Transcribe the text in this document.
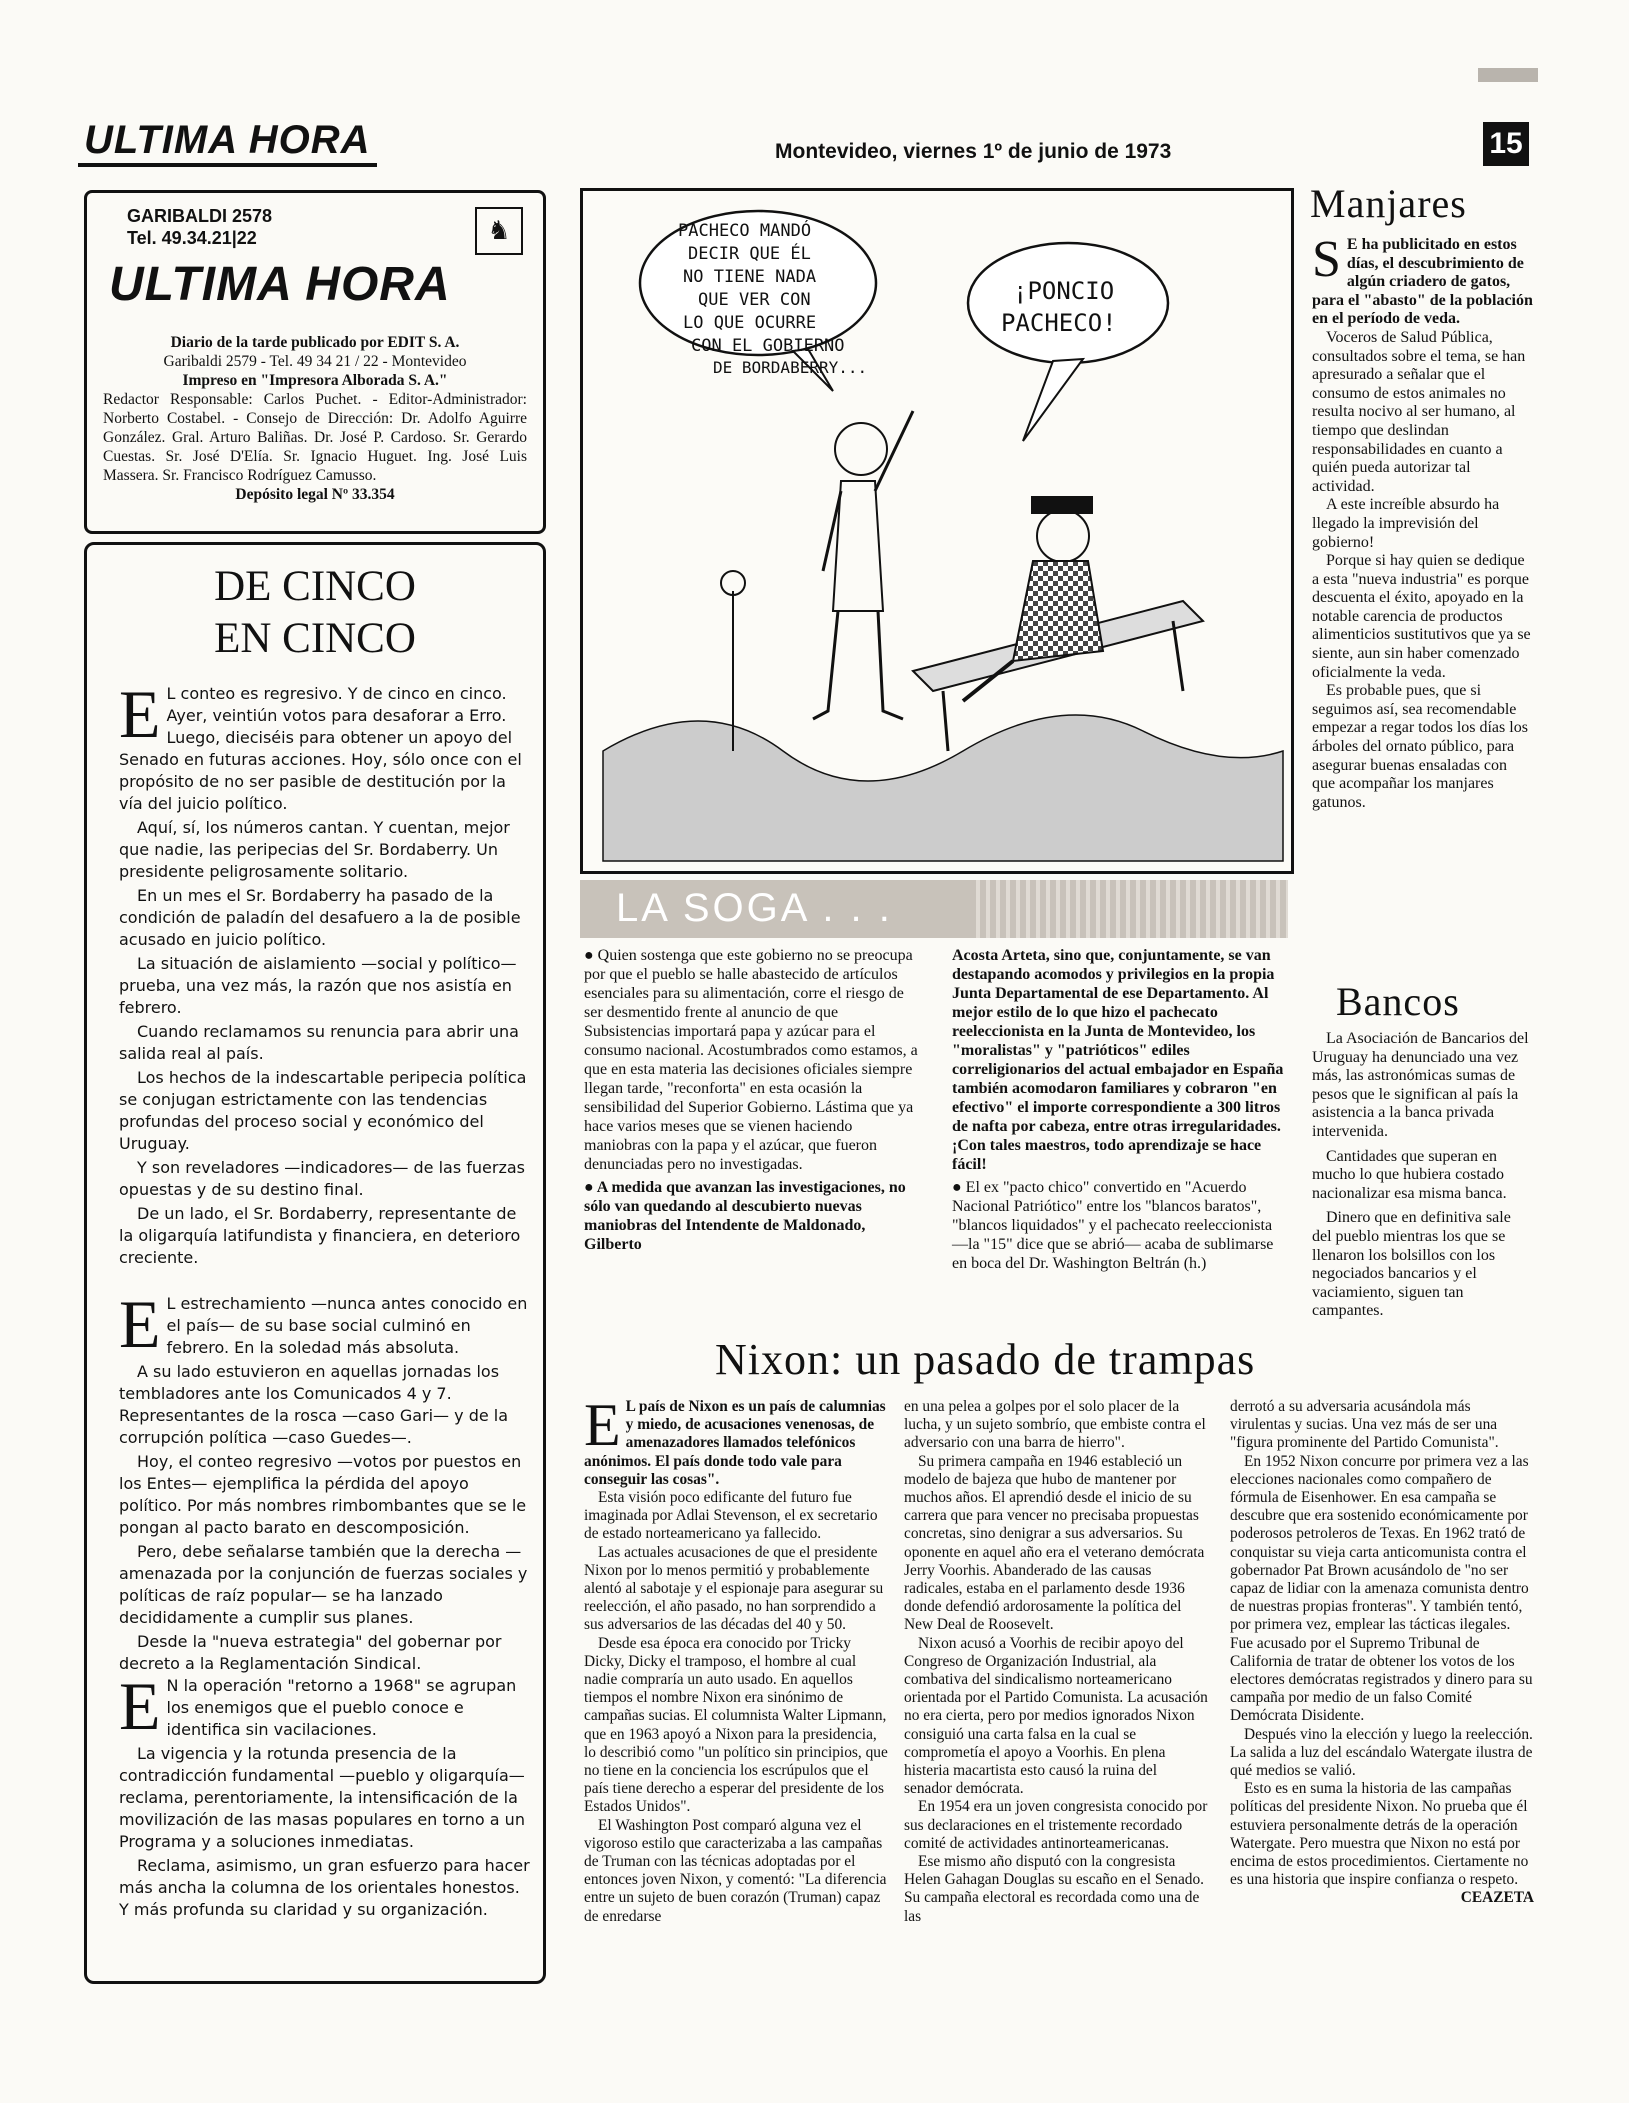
ULTIMA HORA	Montevideo, viernes 1º de junio de 1973	15
GARIBALDI 2578
Tel. 49.34.21|22	♞
ULTIMA HORA

Diario de la tarde publicado por EDIT S. A.

Garibaldi 2579 - Tel. 49 34 21 / 22 - Montevideo

Impreso en "Impresora Alborada S. A."

Redactor Responsable: Carlos Puchet. - Editor-Administrador: Norberto Costabel. - Consejo de Dirección: Dr. Adolfo Aguirre González. Gral. Arturo Baliñas. Dr. José P. Cardoso. Sr. Gerardo Cuestas. Sr. José D'Elía. Sr. Ignacio Huguet. Ing. José Luis Massera. Sr. Francisco Rodríguez Camusso.

Depósito legal Nº 33.354

DE CINCO
EN CINCO
E L conteo es regresivo. Y de cinco en cinco. Ayer, veintiún votos para desaforar a Erro. Luego, dieciséis para obtener un apoyo del Senado en futuras acciones. Hoy, sólo once con el propósito de no ser pasible de destitución por la vía del juicio político.

Aquí, sí, los números cantan. Y cuentan, mejor que nadie, las peripecias del Sr. Bordaberry. Un presidente peligrosamente solitario.

En un mes el Sr. Bordaberry ha pasado de la condición de paladín del desafuero a la de posible acusado en juicio político.

La situación de aislamiento —social y político— prueba, una vez más, la razón que nos asistía en febrero.

Cuando reclamamos su renuncia para abrir una salida real al país.

Los hechos de la indescartable peripecia política se conjugan estrictamente con las tendencias profundas del proceso social y económico del Uruguay.

Y son reveladores —indicadores— de las fuerzas opuestas y de su destino final.

De un lado, el Sr. Bordaberry, representante de la oligarquía latifundista y financiera, en deterioro creciente.

E L estrechamiento —nunca antes conocido en el país— de su base social culminó en febrero. En la soledad más absoluta.

A su lado estuvieron en aquellas jornadas los tembladores ante los Comunicados 4 y 7. Representantes de la rosca —caso Gari— y de la corrupción política —caso Guedes—.

Hoy, el conteo regresivo —votos por puestos en los Entes— ejemplifica la pérdida del apoyo político. Por más nombres rimbombantes que se le pongan al pacto barato en descomposición.

Pero, debe señalarse también que la derecha —amenazada por la conjunción de fuerzas sociales y políticas de raíz popular— se ha lanzado decididamente a cumplir sus planes.

Desde la "nueva estrategia" del gobernar por decreto a la Reglamentación Sindical.

E N la operación "retorno a 1968" se agrupan los enemigos que el pueblo conoce e identifica sin vacilaciones.

La vigencia y la rotunda presencia de la contradicción fundamental —pueblo y oligarquía— reclama, perentoriamente, la intensificación de la movilización de las masas populares en torno a un Programa y a soluciones inmediatas.

Reclama, asimismo, un gran esfuerzo para hacer más ancha la columna de los orientales honestos. Y más profunda su claridad y su organización.

PACHECO MANDÓ DECIR QUE ÉL NO TIENE NADA QUE VER CON LO QUE OCURRE CON EL GOBIERNO
DE BORDABERRY...
¡PONCIO PACHECO!
LA SOGA . . .

● Quien sostenga que este gobierno no se preocupa por que el pueblo se halle abastecido de artículos esenciales para su alimentación, corre el riesgo de ser desmentido frente al anuncio de que Subsistencias importará papa y azúcar para el consumo nacional. Acostumbrados como estamos, a que en esta materia las decisiones oficiales siempre llegan tarde, "reconforta" en esta ocasión la sensibilidad del Superior Gobierno. Lástima que ya hace varios meses que se vienen haciendo maniobras con la papa y el azúcar, que fueron denunciadas pero no investigadas.

● A medida que avanzan las investigaciones, no sólo van quedando al descubierto nuevas maniobras del Intendente de Maldonado, Gilberto

Acosta Arteta, sino que, conjuntamente, se van destapando acomodos y privilegios en la propia Junta Departamental de ese Departamento. Al mejor estilo de lo que hizo el pachecato reeleccionista en la Junta de Montevideo, los "moralistas" y "patrióticos" ediles correligionarios del actual embajador en España también acomodaron familiares y cobraron "en efectivo" el importe correspondiente a 300 litros de nafta por cabeza, entre otras irregularidades. ¡Con tales maestros, todo aprendizaje se hace fácil!

● El ex "pacto chico" convertido en "Acuerdo Nacional Patriótico" entre los "blancos baratos", "blancos liquidados" y el pachecato reeleccionista —la "15" dice que se abrió— acaba de sublimarse en boca del Dr. Washington Beltrán (h.)

Manjares
S E ha publicitado en estos días, el descubrimiento de algún criadero de gatos, para el "abasto" de la población en el período de veda.

Voceros de Salud Pública, consultados sobre el tema, se han apresurado a señalar que el consumo de estos animales no resulta nocivo al ser humano, al tiempo que deslindan responsabilidades en cuanto a quién pueda autorizar tal actividad.

A este increíble absurdo ha llegado la imprevisión del gobierno!

Porque si hay quien se dedique a esta "nueva industria" es porque descuenta el éxito, apoyado en la notable carencia de productos alimenticios sustitutivos que ya se siente, aun sin haber comenzado oficialmente la veda.

Es probable pues, que si seguimos así, sea recomendable empezar a regar todos los días los árboles del ornato público, para asegurar buenas ensaladas con que acompañar los manjares gatunos.

Bancos

La Asociación de Bancarios del Uruguay ha denunciado una vez más, las astronómicas sumas de pesos que le significan al país la asistencia a la banca privada intervenida.

Cantidades que superan en mucho lo que hubiera costado nacionalizar esa misma banca.

Dinero que en definitiva sale del pueblo mientras los que se llenaron los bolsillos con los negociados bancarios y el vaciamiento, siguen tan campantes.

Nixon: un pasado de trampas
E L país de Nixon es un país de calumnias y miedo, de acusaciones venenosas, de amenazadores llamados telefónicos anónimos. El país donde todo vale para conseguir las cosas".

Esta visión poco edificante del futuro fue imaginada por Adlai Stevenson, el ex secretario de estado norteamericano ya fallecido.

Las actuales acusaciones de que el presidente Nixon por lo menos permitió y probablemente alentó al sabotaje y el espionaje para asegurar su reelección, el año pasado, no han sorprendido a sus adversarios de las décadas del 40 y 50.

Desde esa época era conocido por Tricky Dicky, Dicky el tramposo, el hombre al cual nadie compraría un auto usado. En aquellos tiempos el nombre Nixon era sinónimo de campañas sucias. El columnista Walter Lipmann, que en 1963 apoyó a Nixon para la presidencia, lo describió como "un político sin principios, que no tiene en la conciencia los escrúpulos que el país tiene derecho a esperar del presidente de los Estados Unidos".

El Washington Post comparó alguna vez el vigoroso estilo que caracterizaba a las campañas de Truman con las técnicas adoptadas por el entonces joven Nixon, y comentó: "La diferencia entre un sujeto de buen corazón (Truman) capaz de enredarse

en una pelea a golpes por el solo placer de la lucha, y un sujeto sombrío, que embiste contra el adversario con una barra de hierro".

Su primera campaña en 1946 estableció un modelo de bajeza que hubo de mantener por muchos años. El aprendió desde el inicio de su carrera que para vencer no precisaba propuestas concretas, sino denigrar a sus adversarios. Su oponente en aquel año era el veterano demócrata Jerry Voorhis. Abanderado de las causas radicales, estaba en el parlamento desde 1936 donde defendió ardorosamente la política del New Deal de Roosevelt.

Nixon acusó a Voorhis de recibir apoyo del Congreso de Organización Industrial, ala combativa del sindicalismo norteamericano orientada por el Partido Comunista. La acusación no era cierta, pero por medios ignorados Nixon consiguió una carta falsa en la cual se comprometía el apoyo a Voorhis. En plena histeria macartista esto causó la ruina del senador demócrata.

En 1954 era un joven congresista conocido por sus declaraciones en el tristemente recordado comité de actividades antinorteamericanas.

Ese mismo año disputó con la congresista Helen Gahagan Douglas su escaño en el Senado. Su campaña electoral es recordada como una de las

derrotó a su adversaria acusándola más virulentas y sucias. Una vez más de ser una "figura prominente del Partido Comunista".

En 1952 Nixon concurre por primera vez a las elecciones nacionales como compañero de fórmula de Eisenhower. En esa campaña se descubre que era sostenido económicamente por poderosos petroleros de Texas. En 1962 trató de conquistar su vieja carta anticomunista contra el gobernador Pat Brown acusándolo de "no ser capaz de lidiar con la amenaza comunista dentro de nuestras propias fronteras". Y también tentó, por primera vez, emplear las tácticas ilegales. Fue acusado por el Supremo Tribunal de California de tratar de obtener los votos de los electores demócratas registrados y dinero para su campaña por medio de un falso Comité Demócrata Disidente.

Después vino la elección y luego la reelección. La salida a luz del escándalo Watergate ilustra de qué medios se valió.

Esto es en suma la historia de las campañas políticas del presidente Nixon. No prueba que él estuviera personalmente detrás de la operación Watergate. Pero muestra que Nixon no está por encima de estos procedimientos. Ciertamente no es una historia que inspire confianza o respeto.

CEAZETA
